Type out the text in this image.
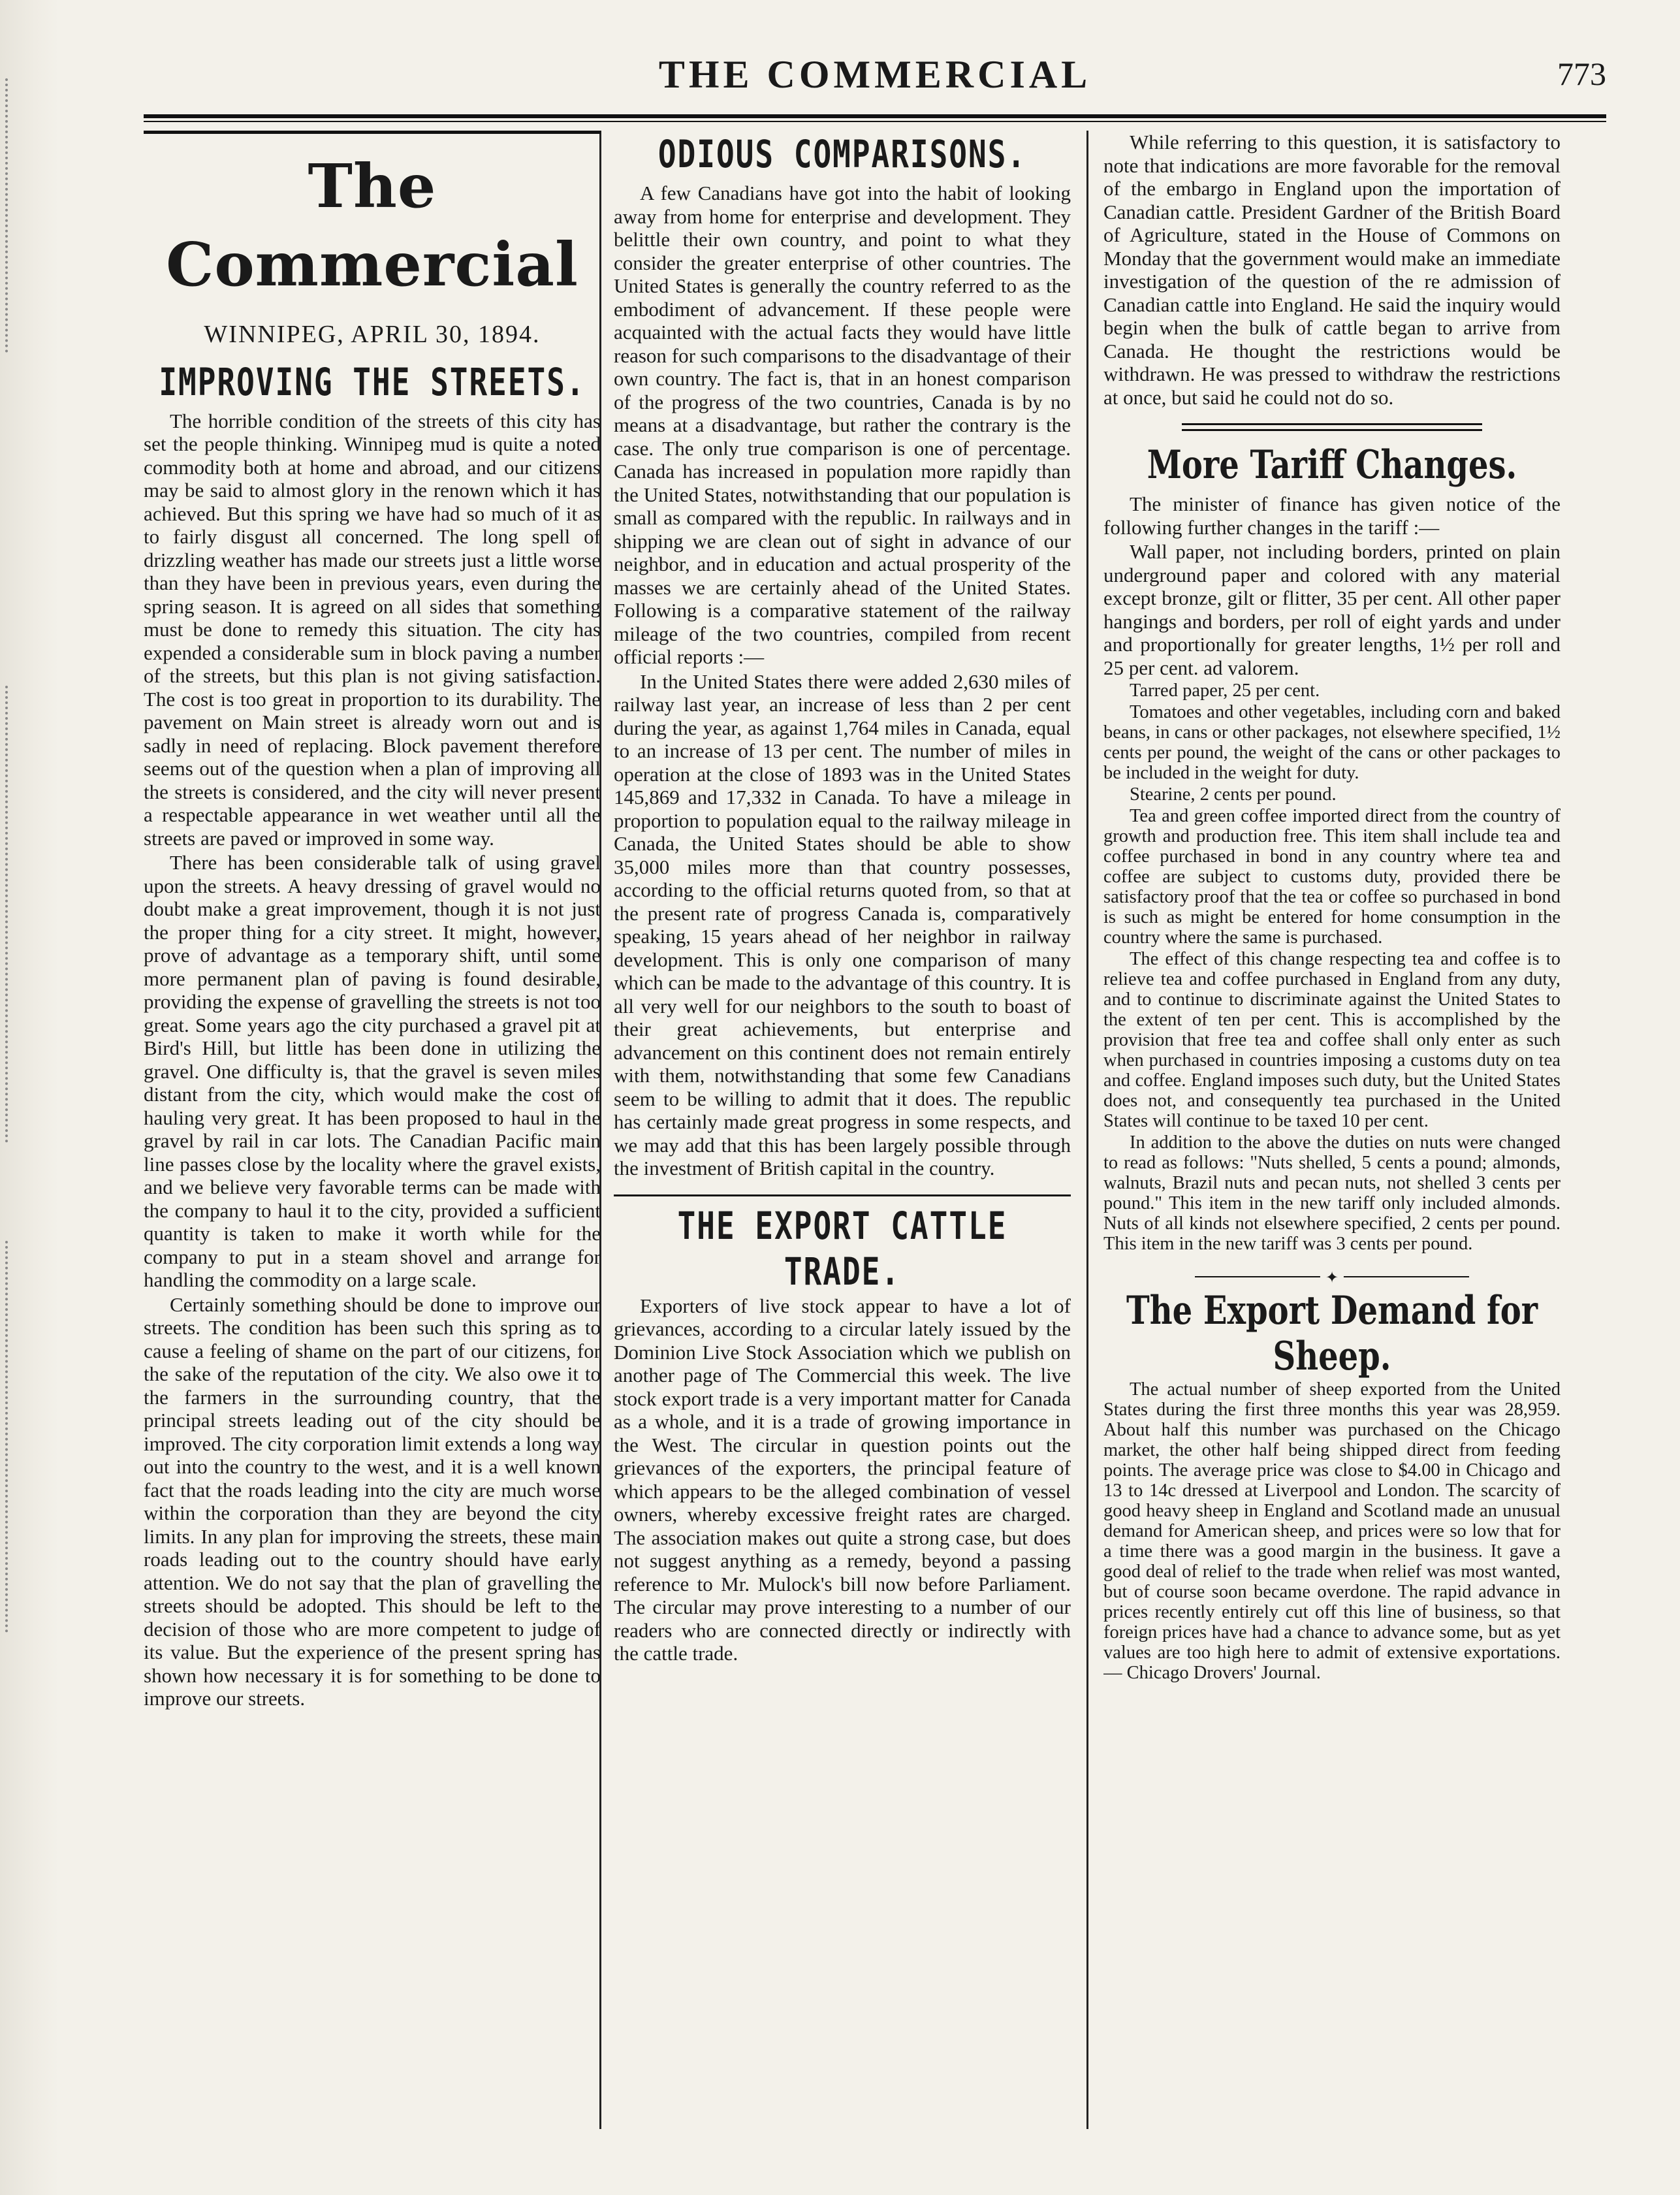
THE COMMERCIAL	773
The Commercial
WINNIPEG, APRIL 30, 1894.
IMPROVING THE STREETS.

The horrible condition of the streets of this city has set the people thinking. Winnipeg mud is quite a noted commodity both at home and abroad, and our citizens may be said to almost glory in the renown which it has achieved. But this spring we have had so much of it as to fairly disgust all concerned. The long spell of drizzling weather has made our streets just a little worse than they have been in previous years, even during the spring season. It is agreed on all sides that something must be done to remedy this situation. The city has expended a considerable sum in block paving a number of the streets, but this plan is not giving satisfaction. The cost is too great in proportion to its durability. The pavement on Main street is already worn out and is sadly in need of replacing. Block pavement therefore seems out of the question when a plan of improving all the streets is considered, and the city will never present a respectable appearance in wet weather until all the streets are paved or improved in some way.

There has been considerable talk of using gravel upon the streets. A heavy dressing of gravel would no doubt make a great improvement, though it is not just the proper thing for a city street. It might, however, prove of advantage as a temporary shift, until some more permanent plan of paving is found desirable, providing the expense of gravelling the streets is not too great. Some years ago the city purchased a gravel pit at Bird's Hill, but little has been done in utilizing the gravel. One difficulty is, that the gravel is seven miles distant from the city, which would make the cost of hauling very great. It has been proposed to haul in the gravel by rail in car lots. The Canadian Pacific main line passes close by the locality where the gravel exists, and we believe very favorable terms can be made with the company to haul it to the city, provided a sufficient quantity is taken to make it worth while for the company to put in a steam shovel and arrange for handling the commodity on a large scale.

Certainly something should be done to improve our streets. The condition has been such this spring as to cause a feeling of shame on the part of our citizens, for the sake of the reputation of the city. We also owe it to the farmers in the surrounding country, that the principal streets leading out of the city should be improved. The city corporation limit extends a long way out into the country to the west, and it is a well known fact that the roads leading into the city are much worse within the corporation than they are beyond the city limits. In any plan for improving the streets, these main roads leading out to the country should have early attention. We do not say that the plan of gravelling the streets should be adopted. This should be left to the decision of those who are more competent to judge of its value. But the experience of the present spring has shown how necessary it is for something to be done to improve our streets.

ODIOUS COMPARISONS.

A few Canadians have got into the habit of looking away from home for enterprise and development. They belittle their own country, and point to what they consider the greater enterprise of other countries. The United States is generally the country referred to as the embodiment of advancement. If these people were acquainted with the actual facts they would have little reason for such comparisons to the disadvantage of their own country. The fact is, that in an honest comparison of the progress of the two countries, Canada is by no means at a disadvantage, but rather the contrary is the case. The only true comparison is one of percentage. Canada has increased in population more rapidly than the United States, notwithstanding that our population is small as compared with the republic. In railways and in shipping we are clean out of sight in advance of our neighbor, and in education and actual prosperity of the masses we are certainly ahead of the United States. Following is a comparative statement of the railway mileage of the two countries, compiled from recent official reports :—

In the United States there were added 2,630 miles of railway last year, an increase of less than 2 per cent during the year, as against 1,764 miles in Canada, equal to an increase of 13 per cent. The number of miles in operation at the close of 1893 was in the United States 145,869 and 17,332 in Canada. To have a mileage in proportion to population equal to the railway mileage in Canada, the United States should be able to show 35,000 miles more than that country possesses, according to the official returns quoted from, so that at the present rate of progress Canada is, comparatively speaking, 15 years ahead of her neighbor in railway development. This is only one comparison of many which can be made to the advantage of this country. It is all very well for our neighbors to the south to boast of their great achievements, but enterprise and advancement on this continent does not remain entirely with them, notwithstanding that some few Canadians seem to be willing to admit that it does. The republic has certainly made great progress in some respects, and we may add that this has been largely possible through the investment of British capital in the country.

THE EXPORT CATTLE TRADE.

Exporters of live stock appear to have a lot of grievances, according to a circular lately issued by the Dominion Live Stock Association which we publish on another page of The Commercial this week. The live stock export trade is a very important matter for Canada as a whole, and it is a trade of growing importance in the West. The circular in question points out the grievances of the exporters, the principal feature of which appears to be the alleged combination of vessel owners, whereby excessive freight rates are charged. The association makes out quite a strong case, but does not suggest anything as a remedy, beyond a passing reference to Mr. Mulock's bill now before Parliament. The circular may prove interesting to a number of our readers who are connected directly or indirectly with the cattle trade.

While referring to this question, it is satisfactory to note that indications are more favorable for the removal of the embargo in England upon the importation of Canadian cattle. President Gardner of the British Board of Agriculture, stated in the House of Commons on Monday that the government would make an immediate investigation of the question of the re admission of Canadian cattle into England. He said the inquiry would begin when the bulk of cattle began to arrive from Canada. He thought the restrictions would be withdrawn. He was pressed to withdraw the restrictions at once, but said he could not do so.

More Tariff Changes.

The minister of finance has given notice of the following further changes in the tariff :—

Wall paper, not including borders, printed on plain underground paper and colored with any material except bronze, gilt or flitter, 35 per cent. All other paper hangings and borders, per roll of eight yards and under and proportionally for greater lengths, 1½ per roll and 25 per cent. ad valorem.

Tarred paper, 25 per cent.

Tomatoes and other vegetables, including corn and baked beans, in cans or other packages, not elsewhere specified, 1½ cents per pound, the weight of the cans or other packages to be included in the weight for duty.

Stearine, 2 cents per pound.

Tea and green coffee imported direct from the country of growth and production free. This item shall include tea and coffee purchased in bond in any country where tea and coffee are subject to customs duty, provided there be satisfactory proof that the tea or coffee so purchased in bond is such as might be entered for home consumption in the country where the same is purchased.

The effect of this change respecting tea and coffee is to relieve tea and coffee purchased in England from any duty, and to continue to discriminate against the United States to the extent of ten per cent. This is accomplished by the provision that free tea and coffee shall only enter as such when purchased in countries imposing a customs duty on tea and coffee. England imposes such duty, but the United States does not, and consequently tea purchased in the United States will continue to be taxed 10 per cent.

In addition to the above the duties on nuts were changed to read as follows: "Nuts shelled, 5 cents a pound; almonds, walnuts, Brazil nuts and pecan nuts, not shelled 3 cents per pound." This item in the new tariff only included almonds. Nuts of all kinds not elsewhere specified, 2 cents per pound. This item in the new tariff was 3 cents per pound.

✦
The Export Demand for Sheep.

The actual number of sheep exported from the United States during the first three months this year was 28,959. About half this number was purchased on the Chicago market, the other half being shipped direct from feeding points. The average price was close to $4.00 in Chicago and 13 to 14c dressed at Liverpool and London. The scarcity of good heavy sheep in England and Scotland made an unusual demand for American sheep, and prices were so low that for a time there was a good margin in the business. It gave a good deal of relief to the trade when relief was most wanted, but of course soon became overdone. The rapid advance in prices recently entirely cut off this line of business, so that foreign prices have had a chance to advance some, but as yet values are too high here to admit of extensive exportations. — Chicago Drovers' Journal.
